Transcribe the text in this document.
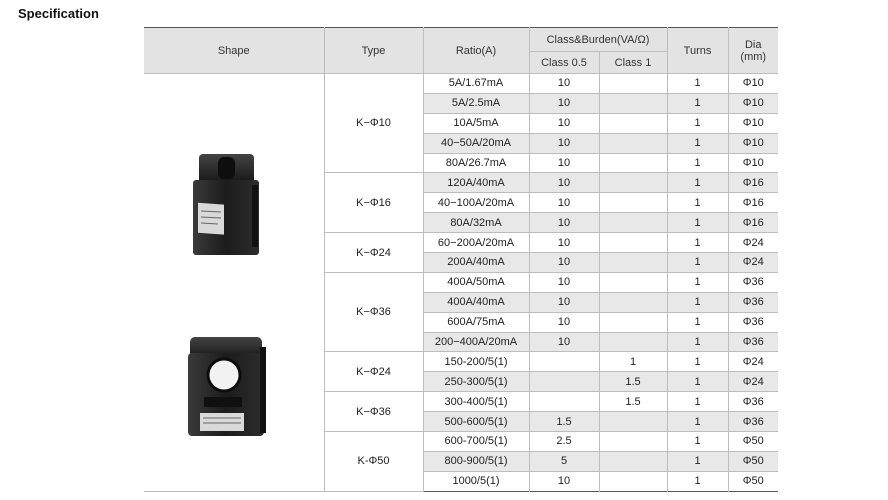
Specification
Shape	Type	Ratio(A)	Class&Burden(VA/Ω)		Turns	Dia
(mm)
			Class 0.5	Class 1		

	K−Φ10	5A/1.67mA	10		1	Φ10
		5A/2.5mA	10		1	Φ10
		10A/5mA	10		1	Φ10
		40−50A/20mA	10		1	Φ10
		80A/26.7mA	10		1	Φ10
	K−Φ16	120A/40mA	10		1	Φ16
		40−100A/20mA	10		1	Φ16
		80A/32mA	10		1	Φ16
	K−Φ24	60−200A/20mA	10		1	Φ24
		200A/40mA	10		1	Φ24
	K−Φ36	400A/50mA	10		1	Φ36
		400A/40mA	10		1	Φ36
		600A/75mA	10		1	Φ36
		200−400A/20mA	10		1	Φ36
	K−Φ24	150-200/5(1)		1	1	Φ24
		250-300/5(1)		1.5	1	Φ24
	K−Φ36	300-400/5(1)		1.5	1	Φ36
		500-600/5(1)	1.5		1	Φ36
	K-Φ50	600-700/5(1)	2.5		1	Φ50
		800-900/5(1)	5		1	Φ50
		1000/5(1)	10		1	Φ50
